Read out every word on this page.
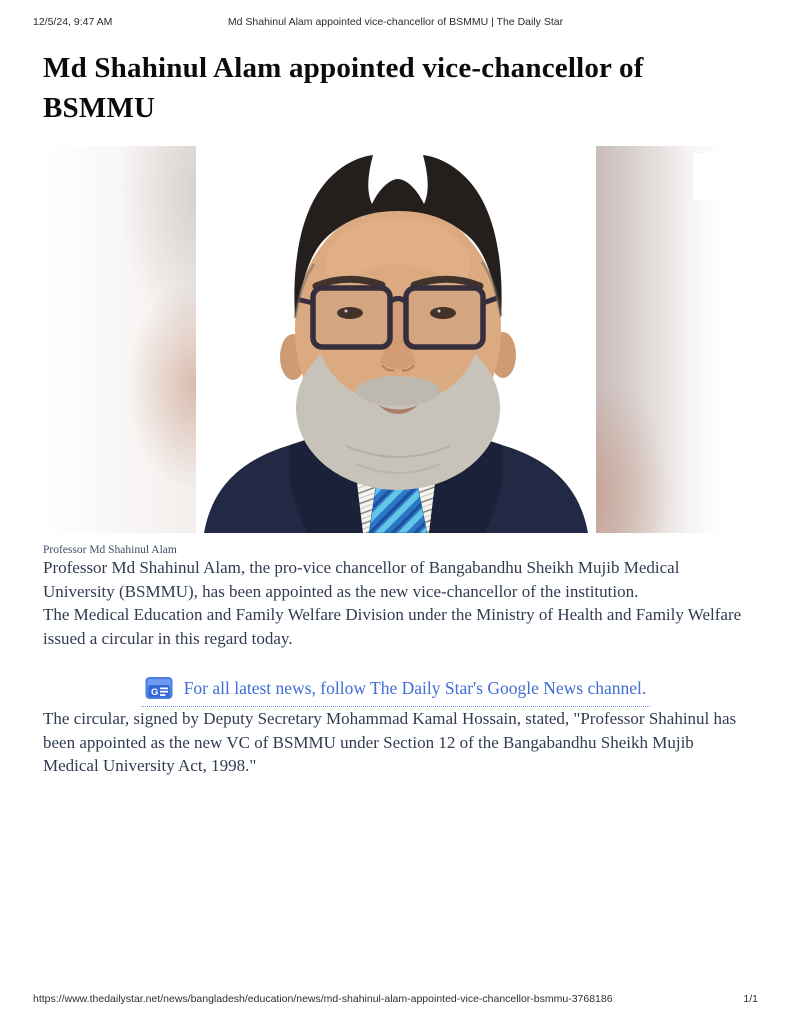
Md Shahinul Alam appointed vice-chancellor of BSMMU | The Daily Star
12/5/24, 9:47 AM
Md Shahinul Alam appointed vice-chancellor of BSMMU
Professor Md Shahinul Alam

Professor Md Shahinul Alam, the pro-vice chancellor of Bangabandhu Sheikh Mujib Medical University (BSMMU), has been appointed as the new vice-chancellor of the institution.

The Medical Education and Family Welfare Division under the Ministry of Health and Family Welfare issued a circular in this regard today.

G For all latest news, follow The Daily Star's Google News channel.

The circular, signed by Deputy Secretary Mohammad Kamal Hossain, stated, "Professor Shahinul has been appointed as the new VC of BSMMU under Section 12 of the Bangabandhu Sheikh Mujib Medical University Act, 1998."

https://www.thedailystar.net/news/bangladesh/education/news/md-shahinul-alam-appointed-vice-chancellor-bsmmu-3768186	1/1
